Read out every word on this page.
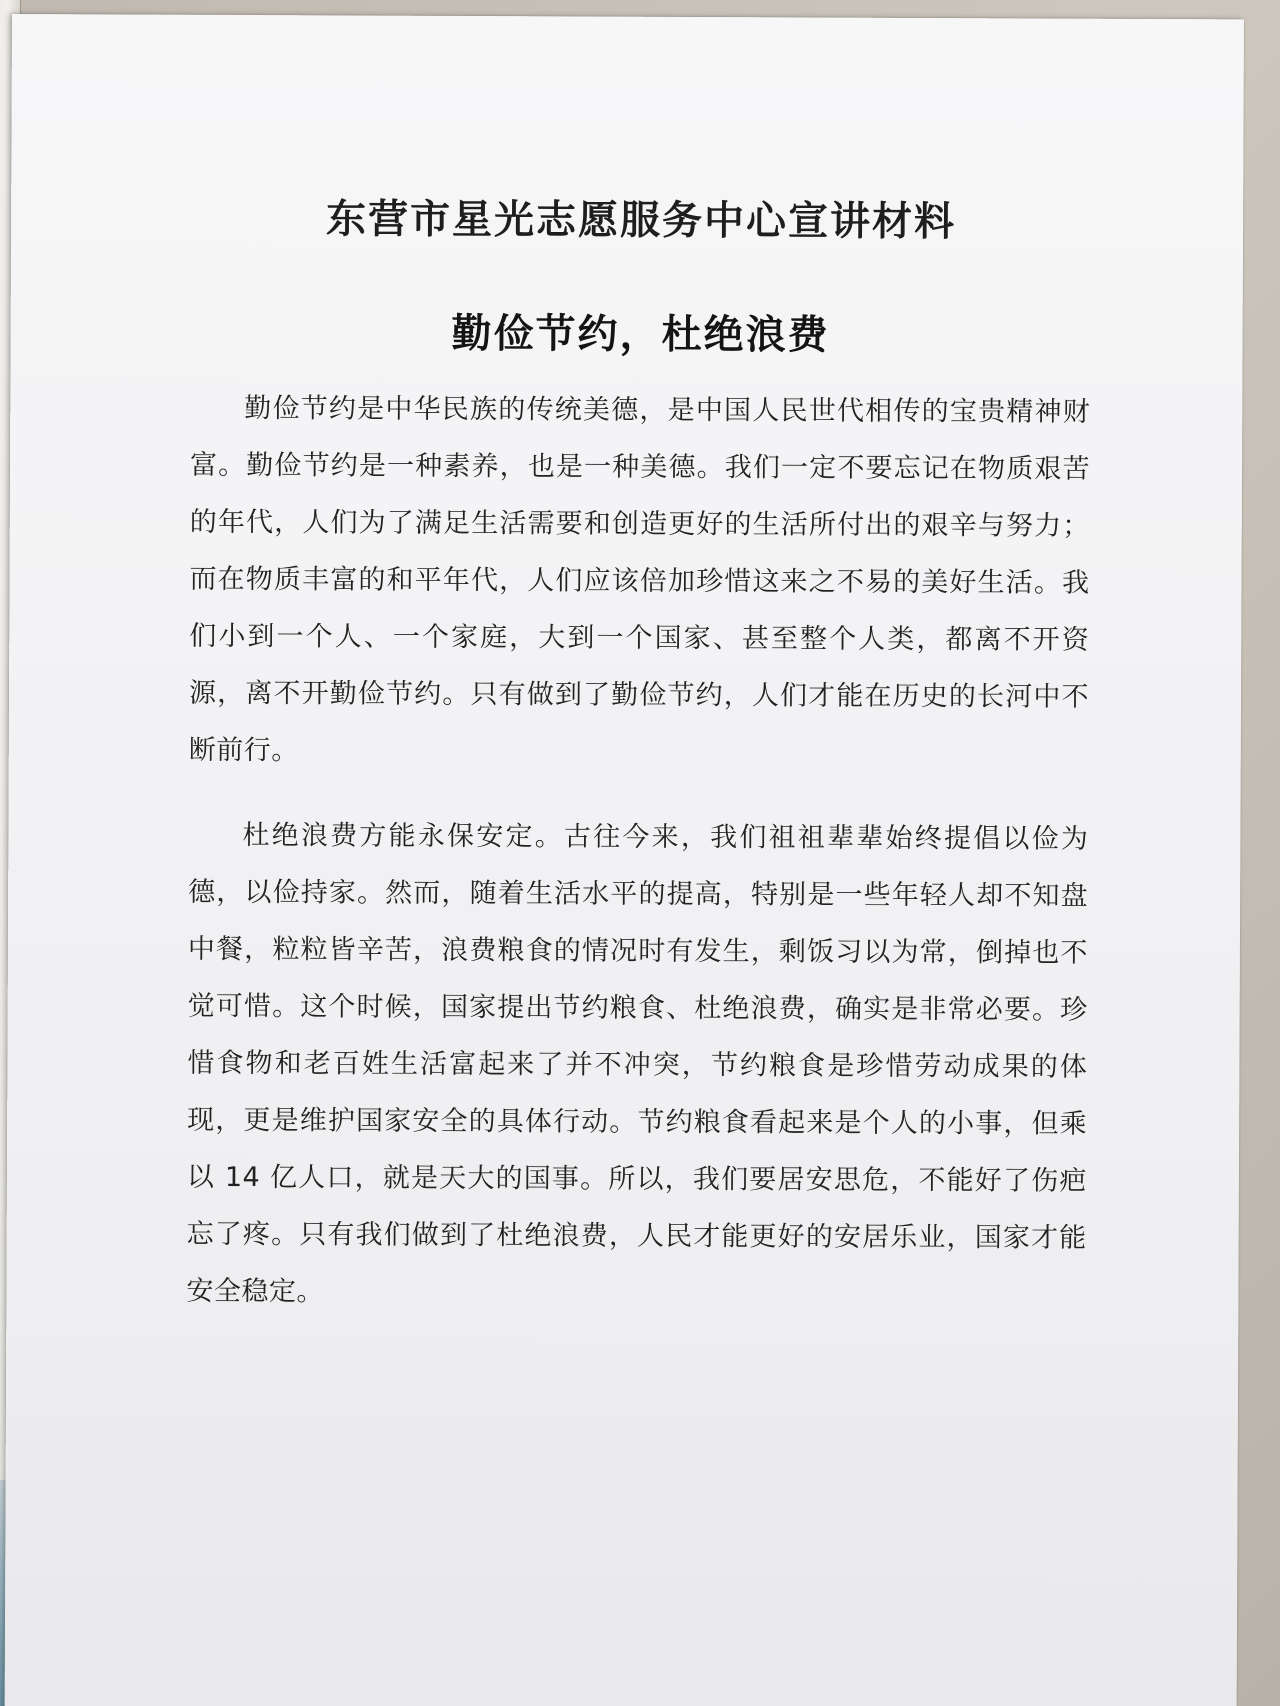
东营市星光志愿服务中心宣讲材料
勤俭节约，杜绝浪费

勤俭节约是中华民族的传统美德，是中国人民世代相传的宝贵精神财富。勤俭节约是一种素养，也是一种美德。我们一定不要忘记在物质艰苦的年代，人们为了满足生活需要和创造更好的生活所付出的艰辛与努力；而在物质丰富的和平年代，人们应该倍加珍惜这来之不易的美好生活。我们小到一个人、一个家庭，大到一个国家、甚至整个人类，都离不开资源，离不开勤俭节约。只有做到了勤俭节约，人们才能在历史的长河中不断前行。

杜绝浪费方能永保安定。古往今来，我们祖祖辈辈始终提倡以俭为德，以俭持家。然而，随着生活水平的提高，特别是一些年轻人却不知盘中餐，粒粒皆辛苦，浪费粮食的情况时有发生，剩饭习以为常，倒掉也不觉可惜。这个时候，国家提出节约粮食、杜绝浪费，确实是非常必要。珍惜食物和老百姓生活富起来了并不冲突，节约粮食是珍惜劳动成果的体现，更是维护国家安全的具体行动。节约粮食看起来是个人的小事，但乘以 14 亿人口，就是天大的国事。所以，我们要居安思危，不能好了伤疤忘了疼。只有我们做到了杜绝浪费，人民才能更好的安居乐业，国家才能安全稳定。
